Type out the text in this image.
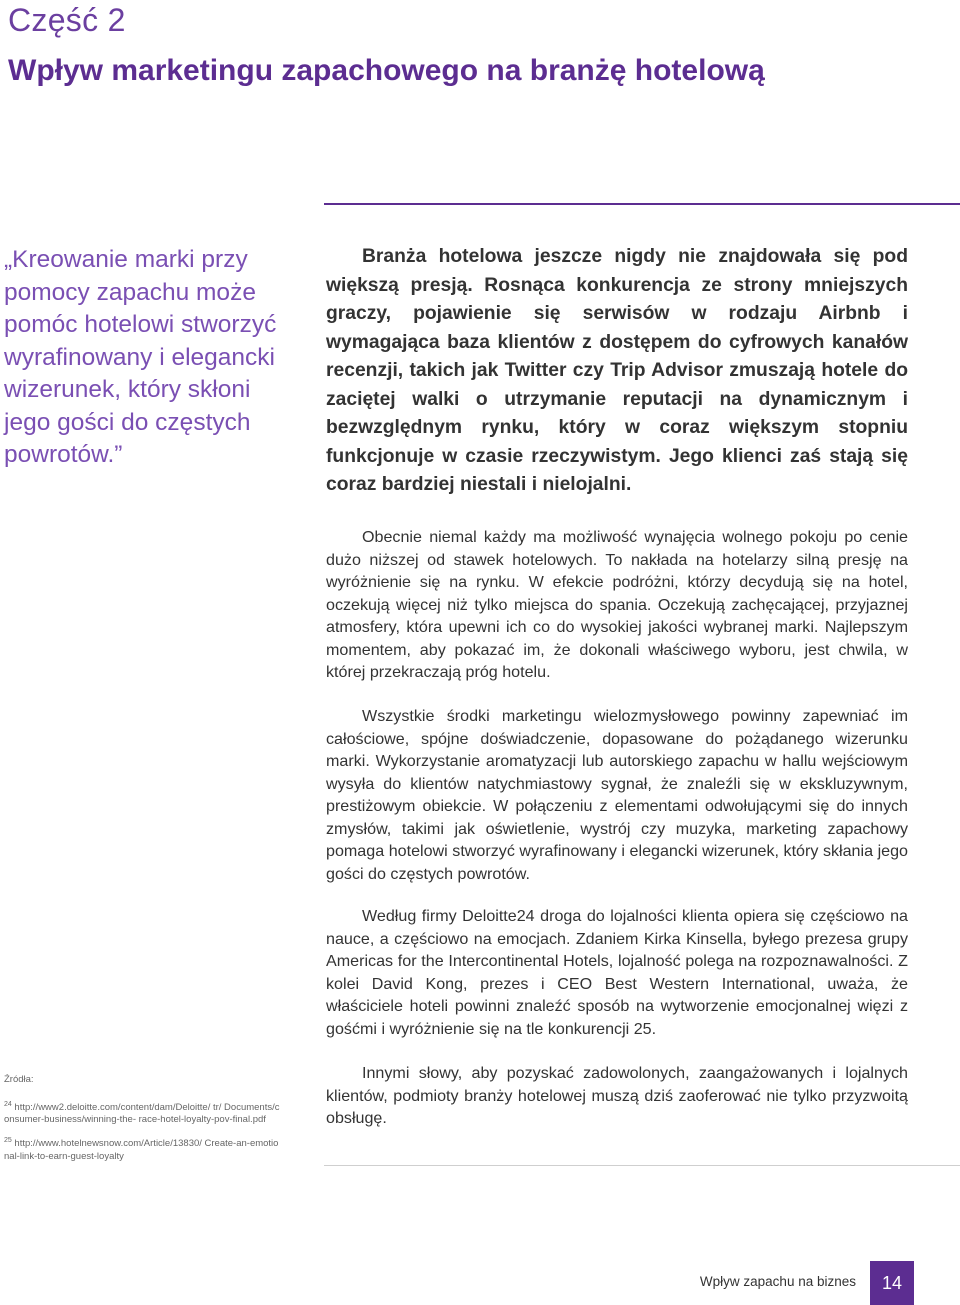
Część 2
Wpływ marketingu zapachowego na branżę hotelową
„Kreowanie marki przy pomocy zapachu może pomóc hotelowi stworzyć wyrafinowany i elegancki wizerunek, który skłoni jego gości do częstych powrotów.”

Branża hotelowa jeszcze nigdy nie znajdowała się pod większą presją. Rosnąca konkurencja ze strony mniejszych graczy, pojawienie się serwisów w rodzaju Airbnb i wymagająca baza klientów z dostępem do cyfrowych kanałów recenzji, takich jak Twitter czy Trip Advisor zmuszają hotele do zaciętej walki o utrzymanie reputacji na dynamicznym i bezwzględnym rynku, który w coraz większym stopniu funkcjonuje w czasie rzeczywistym. Jego klienci zaś stają się coraz bardziej niestali i nielojalni.

Obecnie niemal każdy ma możliwość wynajęcia wolnego pokoju po cenie dużo niższej od stawek hotelowych. To nakłada na hotelarzy silną presję na wyróżnienie się na rynku. W efekcie podróżni, którzy decydują się na hotel, oczekują więcej niż tylko miejsca do spania. Oczekują zachęcającej, przyjaznej atmosfery, która upewni ich co do wysokiej jakości wybranej marki. Najlepszym momentem, aby pokazać im, że dokonali właściwego wyboru, jest chwila, w której przekraczają próg hotelu.

Wszystkie środki marketingu wielozmysłowego powinny zapewniać im całościowe, spójne doświadczenie, dopasowane do pożądanego wizerunku marki. Wykorzystanie aromatyzacji lub autorskiego zapachu w hallu wejściowym wysyła do klientów natychmiastowy sygnał, że znaleźli się w ekskluzywnym, prestiżowym obiekcie. W połączeniu z elementami odwołującymi się do innych zmysłów, takimi jak oświetlenie, wystrój czy muzyka, marketing zapachowy pomaga hotelowi stworzyć wyrafinowany i elegancki wizerunek, który skłania jego gości do częstych powrotów.

Według firmy Deloitte24 droga do lojalności klienta opiera się częściowo na nauce, a częściowo na emocjach. Zdaniem Kirka Kinsella, byłego prezesa grupy Americas for the Intercontinental Hotels, lojalność polega na rozpoznawalności. Z kolei David Kong, prezes i CEO Best Western International, uważa, że właściciele hoteli powinni znaleźć sposób na wytworzenie emocjonalnej więzi z gośćmi i wyróżnienie się na tle konkurencji 25.

Innymi słowy, aby pozyskać zadowolonych, zaangażowanych i lojalnych klientów, podmioty branży hotelowej muszą dziś zaoferować nie tylko przyzwoitą obsługę.

Źródła:
$^{24}$ http://www2.deloitte.com/content/dam/Deloitte/ tr/ Documents/consumer-business/winning-the- race-hotel-loyalty-pov-final.pdf
$^{25}$ http://www.hotelnewsnow.com/Article/13830/ Create-an-emotional-link-to-earn-guest-loyalty
Wpływ zapachu na biznes	14
